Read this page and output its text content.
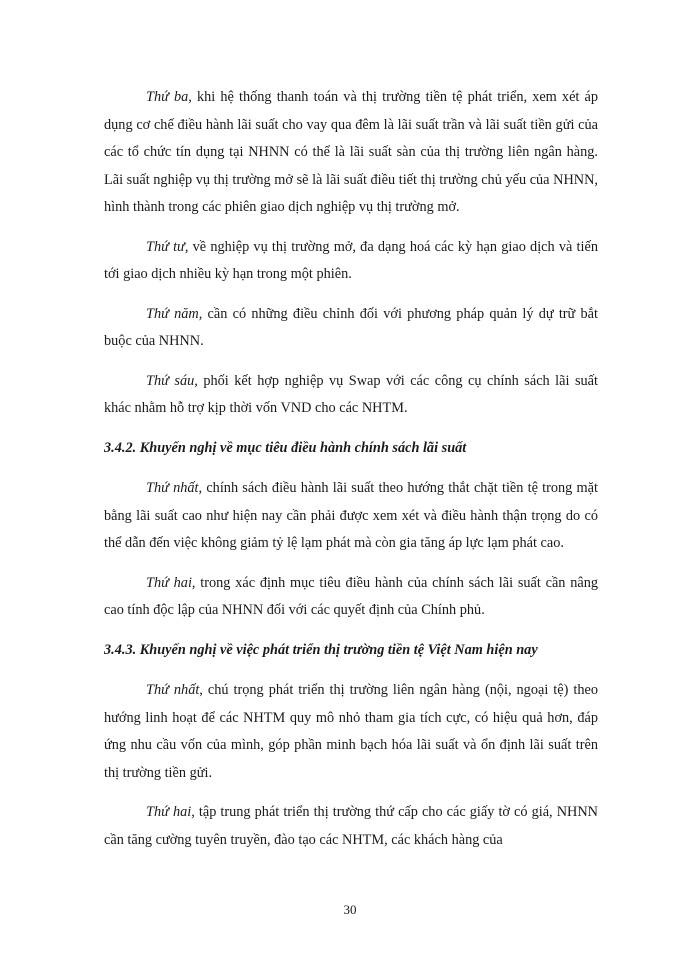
Thứ ba, khi hệ thống thanh toán và thị trường tiền tệ phát triển, xem xét áp dụng cơ chế điều hành lãi suất cho vay qua đêm là lãi suất trần và lãi suất tiền gửi của các tổ chức tín dụng tại NHNN có thể là lãi suất sàn của thị trường liên ngân hàng. Lãi suất nghiệp vụ thị trường mở sẽ là lãi suất điều tiết thị trường chủ yếu của NHNN, hình thành trong các phiên giao dịch nghiệp vụ thị trường mở.

Thứ tư, về nghiệp vụ thị trường mở, đa dạng hoá các kỳ hạn giao dịch và tiến tới giao dịch nhiều kỳ hạn trong một phiên.

Thứ năm, cần có những điều chỉnh đối với phương pháp quản lý dự trữ bắt buộc của NHNN.

Thứ sáu, phối kết hợp nghiệp vụ Swap với các công cụ chính sách lãi suất khác nhằm hỗ trợ kịp thời vốn VND cho các NHTM.

3.4.2. Khuyến nghị về mục tiêu điều hành chính sách lãi suất

Thứ nhất, chính sách điều hành lãi suất theo hướng thắt chặt tiền tệ trong mặt bằng lãi suất cao như hiện nay cần phải được xem xét và điều hành thận trọng do có thể dẫn đến việc không giảm tỷ lệ lạm phát mà còn gia tăng áp lực lạm phát cao.

Thứ hai, trong xác định mục tiêu điều hành của chính sách lãi suất cần nâng cao tính độc lập của NHNN đối với các quyết định của Chính phủ.

3.4.3. Khuyến nghị về việc phát triển thị trường tiền tệ Việt Nam hiện nay

Thứ nhất, chú trọng phát triển thị trường liên ngân hàng (nội, ngoại tệ) theo hướng linh hoạt để các NHTM quy mô nhỏ tham gia tích cực, có hiệu quả hơn, đáp ứng nhu cầu vốn của mình, góp phần minh bạch hóa lãi suất và ổn định lãi suất trên thị trường tiền gửi.

Thứ hai, tập trung phát triển thị trường thứ cấp cho các giấy tờ có giá, NHNN cần tăng cường tuyên truyền, đào tạo các NHTM, các khách hàng của

30
